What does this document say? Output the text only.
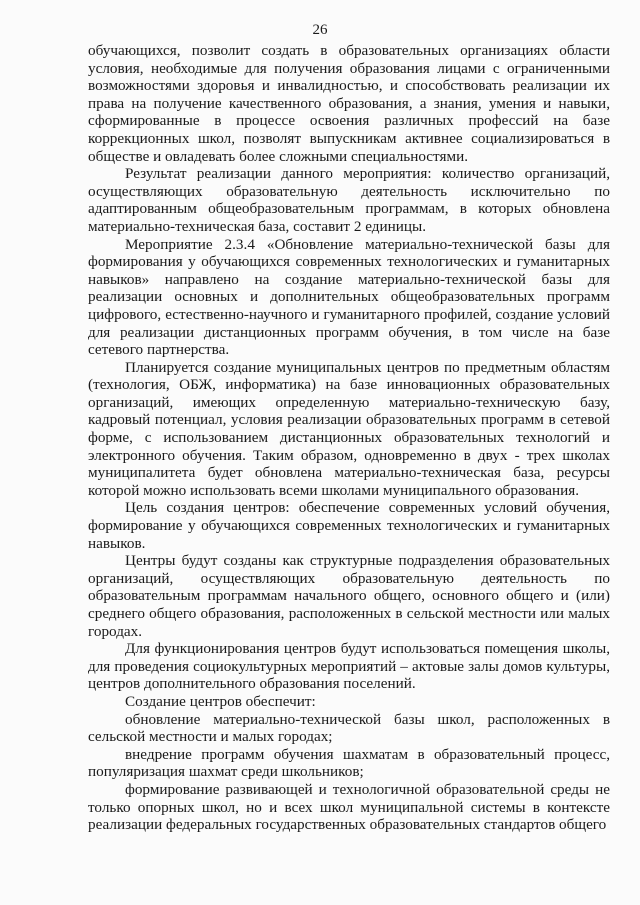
26

обучающихся, позволит создать в образовательных организациях области условия, необходимые для получения образования лицами с ограниченными возможностями здоровья и инвалидностью, и способствовать реализации их права на получение качественного образования, а знания, умения и навыки, сформированные в процессе освоения различных профессий на базе коррекционных школ, позволят выпускникам активнее социализироваться в обществе и овладевать более сложными специальностями.

Результат реализации данного мероприятия: количество организаций, осуществляющих образовательную деятельность исключительно по адаптированным общеобразовательным программам, в которых обновлена материально-техническая база, составит 2 единицы.

Мероприятие 2.3.4 «Обновление материально-технической базы для формирования у обучающихся современных технологических и гуманитарных навыков» направлено на создание материально-технической базы для реализации основных и дополнительных общеобразовательных программ цифрового, естественно-научного и гуманитарного профилей, создание условий для реализации дистанционных программ обучения, в том числе на базе сетевого партнерства.

Планируется создание муниципальных центров по предметным областям (технология, ОБЖ, информатика) на базе инновационных образовательных организаций, имеющих определенную материально-техническую базу, кадровый потенциал, условия реализации образовательных программ в сетевой форме, с использованием дистанционных образовательных технологий и электронного обучения. Таким образом, одновременно в двух - трех школах муниципалитета будет обновлена материально-техническая база, ресурсы которой можно использовать всеми школами муниципального образования.

Цель создания центров: обеспечение современных условий обучения, формирование у обучающихся современных технологических и гуманитарных навыков.

Центры будут созданы как структурные подразделения образовательных организаций, осуществляющих образовательную деятельность по образовательным программам начального общего, основного общего и (или) среднего общего образования, расположенных в сельской местности или малых городах.

Для функционирования центров будут использоваться помещения школы, для проведения социокультурных мероприятий – актовые залы домов культуры, центров дополнительного образования поселений.

Создание центров обеспечит:

обновление материально-технической базы школ, расположенных в сельской местности и малых городах;

внедрение программ обучения шахматам в образовательный процесс, популяризация шахмат среди школьников;

формирование развивающей и технологичной образовательной среды не только опорных школ, но и всех школ муниципальной системы в контексте реализации федеральных государственных образовательных стандартов общего
